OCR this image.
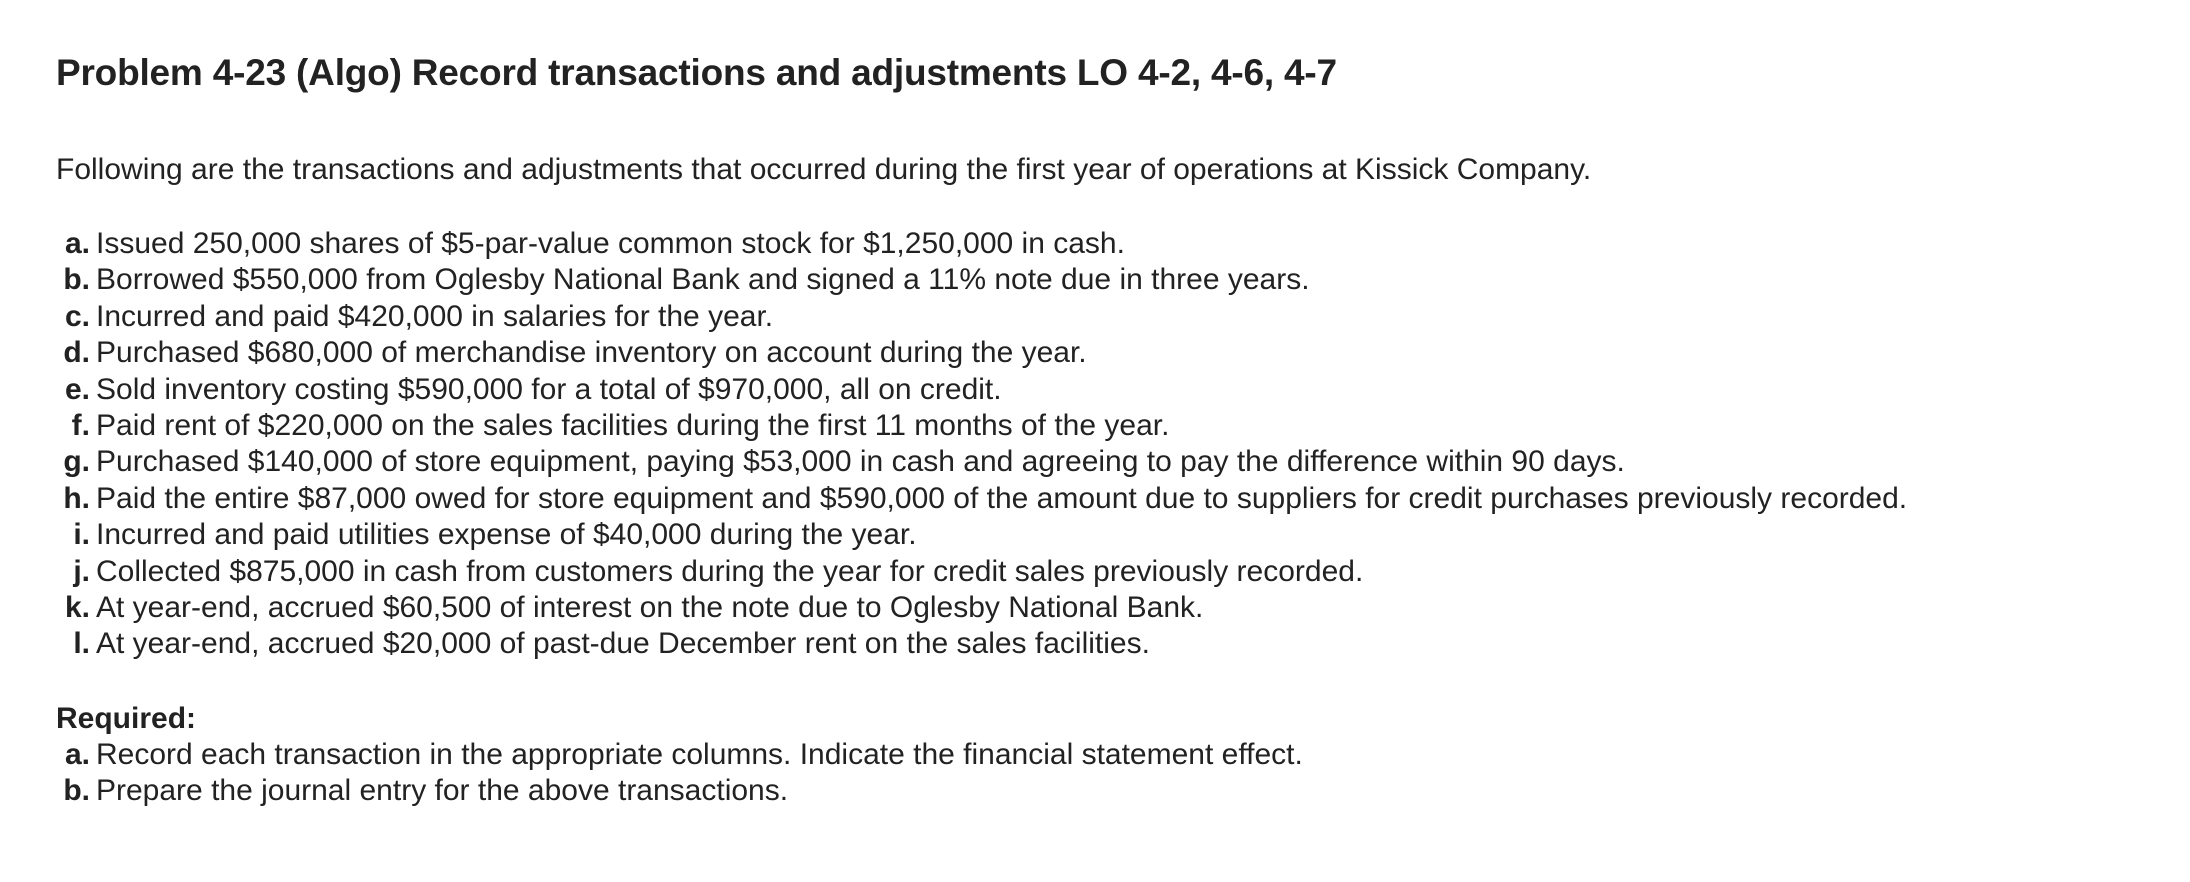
Problem 4-23 (Algo) Record transactions and adjustments LO 4-2, 4-6, 4-7

Following are the transactions and adjustments that occurred during the first year of operations at Kissick Company.

a. Issued 250,000 shares of $5-par-value common stock for $1,250,000 in cash.
b. Borrowed $550,000 from Oglesby National Bank and signed a 11% note due in three years.
c. Incurred and paid $420,000 in salaries for the year.
d. Purchased $680,000 of merchandise inventory on account during the year.
e. Sold inventory costing $590,000 for a total of $970,000, all on credit.
f. Paid rent of $220,000 on the sales facilities during the first 11 months of the year.
g. Purchased $140,000 of store equipment, paying $53,000 in cash and agreeing to pay the difference within 90 days.
h. Paid the entire $87,000 owed for store equipment and $590,000 of the amount due to suppliers for credit purchases previously recorded.
i. Incurred and paid utilities expense of $40,000 during the year.
j. Collected $875,000 in cash from customers during the year for credit sales previously recorded.
k. At year-end, accrued $60,500 of interest on the note due to Oglesby National Bank.
l. At year-end, accrued $20,000 of past-due December rent on the sales facilities.
Required:
a. Record each transaction in the appropriate columns. Indicate the financial statement effect.
b. Prepare the journal entry for the above transactions.
